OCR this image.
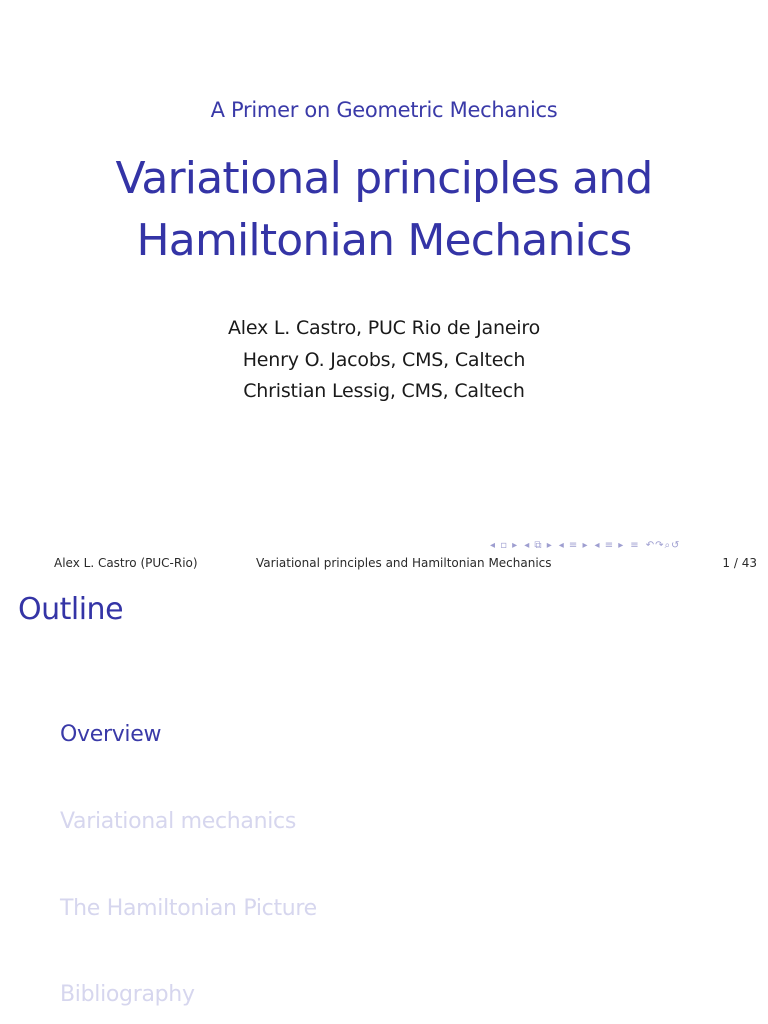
A Primer on Geometric Mechanics
Variational principles and
Hamiltonian Mechanics
Alex L. Castro, PUC Rio de Janeiro
Henry O. Jacobs, CMS, Caltech
Christian Lessig, CMS, Caltech
◂ ▫ ▸ ◂ ⧉ ▸ ◂ ≡ ▸ ◂ ≡ ▸ ≡ ↶↷⌕↺
Alex L. Castro (PUC-Rio)	Variational principles and Hamiltonian Mechanics	1 / 43
Outline
Overview
Variational mechanics
The Hamiltonian Picture
Bibliography
